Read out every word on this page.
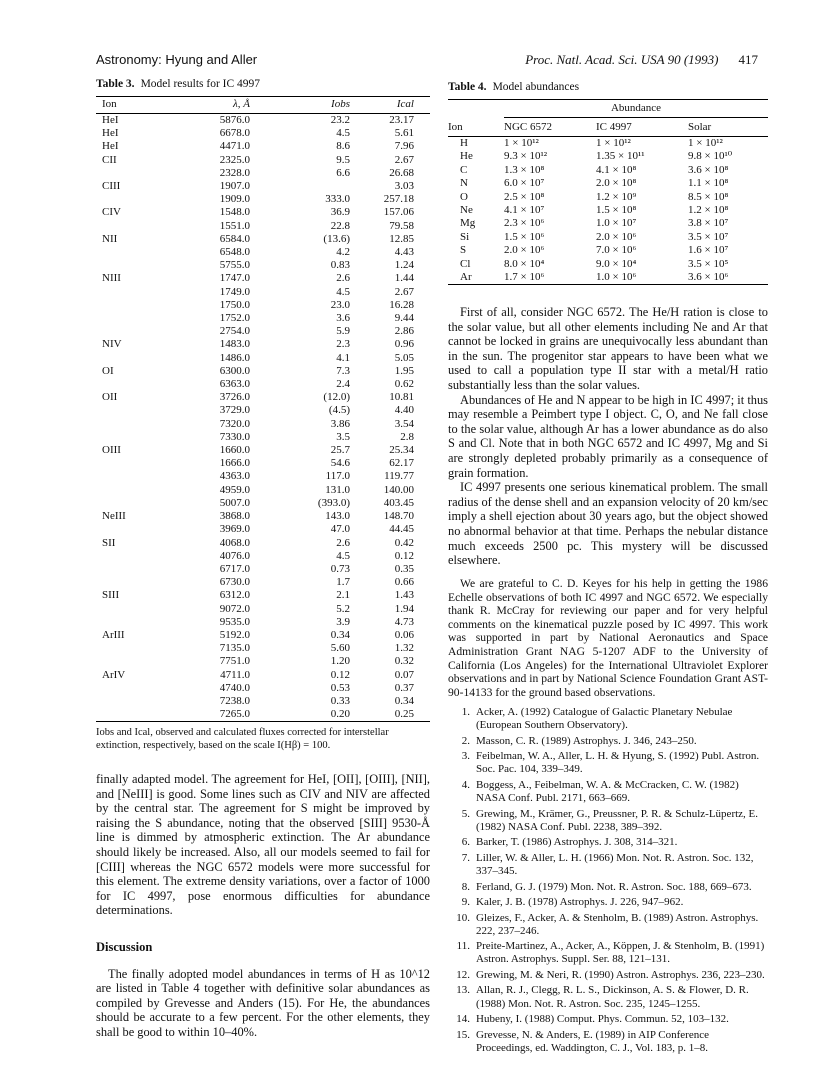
Astronomy: Hyung and Aller	Proc. Natl. Acad. Sci. USA 90 (1993) 417
Table 3. Model results for IC 4997
Ion	λ, Å	Iobs	Ical
HeI	5876.0	23.2	23.17
HeI	6678.0	4.5	5.61
HeI	4471.0	8.6	7.96
CII	2325.0	9.5	2.67
	2328.0	6.6	26.68
CIII	1907.0		3.03
	1909.0	333.0	257.18
CIV	1548.0	36.9	157.06
	1551.0	22.8	79.58
NII	6584.0	(13.6)	12.85
	6548.0	4.2	4.43
	5755.0	0.83	1.24
NIII	1747.0	2.6	1.44
	1749.0	4.5	2.67
	1750.0	23.0	16.28
	1752.0	3.6	9.44
	2754.0	5.9	2.86
NIV	1483.0	2.3	0.96
	1486.0	4.1	5.05
OI	6300.0	7.3	1.95
	6363.0	2.4	0.62
OII	3726.0	(12.0)	10.81
	3729.0	(4.5)	4.40
	7320.0	3.86	3.54
	7330.0	3.5	2.8
OIII	1660.0	25.7	25.34
	1666.0	54.6	62.17
	4363.0	117.0	119.77
	4959.0	131.0	140.00
	5007.0	(393.0)	403.45
NeIII	3868.0	143.0	148.70
	3969.0	47.0	44.45
SII	4068.0	2.6	0.42
	4076.0	4.5	0.12
	6717.0	0.73	0.35
	6730.0	1.7	0.66
SIII	6312.0	2.1	1.43
	9072.0	5.2	1.94
	9535.0	3.9	4.73
ArIII	5192.0	0.34	0.06
	7135.0	5.60	1.32
	7751.0	1.20	0.32
ArIV	4711.0	0.12	0.07
	4740.0	0.53	0.37
	7238.0	0.33	0.34
	7265.0	0.20	0.25
Iobs and Ical, observed and calculated fluxes corrected for interstellar extinction, respectively, based on the scale I(Hβ) = 100.

finally adapted model. The agreement for HeI, [OII], [OIII], [NII], and [NeIII] is good. Some lines such as CIV and NIV are affected by the central star. The agreement for S might be improved by raising the S abundance, noting that the observed [SIII] 9530-Å line is dimmed by atmospheric extinction. The Ar abundance should likely be increased. Also, all our models seemed to fail for [CIII] whereas the NGC 6572 models were more successful for this element. The extreme density variations, over a factor of 1000 for IC 4997, pose enormous difficulties for abundance determinations.

Discussion

The finally adopted model abundances in terms of H as 10^12 are listed in Table 4 together with definitive solar abundances as compiled by Grevesse and Anders (15). For He, the abundances should be accurate to a few percent. For the other elements, they shall be good to within 10–40%.

Table 4. Model abundances
	Abundance		
Ion	NGC 6572	IC 4997	Solar
H	1 × 10¹²	1 × 10¹²	1 × 10¹²
He	9.3 × 10¹²	1.35 × 10¹¹	9.8 × 10¹⁰
C	1.3 × 10⁸	4.1 × 10⁸	3.6 × 10⁸
N	6.0 × 10⁷	2.0 × 10⁸	1.1 × 10⁸
O	2.5 × 10⁸	1.2 × 10⁹	8.5 × 10⁸
Ne	4.1 × 10⁷	1.5 × 10⁸	1.2 × 10⁸
Mg	2.3 × 10⁶	1.0 × 10⁷	3.8 × 10⁷
Si	1.5 × 10⁶	2.0 × 10⁶	3.5 × 10⁷
S	2.0 × 10⁶	7.0 × 10⁶	1.6 × 10⁷
Cl	8.0 × 10⁴	9.0 × 10⁴	3.5 × 10⁵
Ar	1.7 × 10⁶	1.0 × 10⁶	3.6 × 10⁶

First of all, consider NGC 6572. The He/H ration is close to the solar value, but all other elements including Ne and Ar that cannot be locked in grains are unequivocally less abundant than in the sun. The progenitor star appears to have been what we used to call a population type II star with a metal/H ratio substantially less than the solar values.

Abundances of He and N appear to be high in IC 4997; it thus may resemble a Peimbert type I object. C, O, and Ne fall close to the solar value, although Ar has a lower abundance as do also S and Cl. Note that in both NGC 6572 and IC 4997, Mg and Si are strongly depleted probably primarily as a consequence of grain formation.

IC 4997 presents one serious kinematical problem. The small radius of the dense shell and an expansion velocity of 20 km/sec imply a shell ejection about 30 years ago, but the object showed no abnormal behavior at that time. Perhaps the nebular distance much exceeds 2500 pc. This mystery will be discussed elsewhere.

We are grateful to C. D. Keyes for his help in getting the 1986 Echelle observations of both IC 4997 and NGC 6572. We especially thank R. McCray for reviewing our paper and for very helpful comments on the kinematical puzzle posed by IC 4997. This work was supported in part by National Aeronautics and Space Administration Grant NAG 5-1207 ADF to the University of California (Los Angeles) for the International Ultraviolet Explorer observations and in part by National Science Foundation Grant AST-90-14133 for the ground based observations.

1. Acker, A. (1992) Catalogue of Galactic Planetary Nebulae (European Southern Observatory).
2. Masson, C. R. (1989) Astrophys. J. 346, 243–250.
3. Feibelman, W. A., Aller, L. H. & Hyung, S. (1992) Publ. Astron. Soc. Pac. 104, 339–349.
4. Boggess, A., Feibelman, W. A. & McCracken, C. W. (1982) NASA Conf. Publ. 2171, 663–669.
5. Grewing, M., Krämer, G., Preussner, P. R. & Schulz-Lüpertz, E. (1982) NASA Conf. Publ. 2238, 389–392.
6. Barker, T. (1986) Astrophys. J. 308, 314–321.
7. Liller, W. & Aller, L. H. (1966) Mon. Not. R. Astron. Soc. 132, 337–345.
8. Ferland, G. J. (1979) Mon. Not. R. Astron. Soc. 188, 669–673.
9. Kaler, J. B. (1978) Astrophys. J. 226, 947–962.
10. Gleizes, F., Acker, A. & Stenholm, B. (1989) Astron. Astrophys. 222, 237–246.
11. Preite-Martinez, A., Acker, A., Köppen, J. & Stenholm, B. (1991) Astron. Astrophys. Suppl. Ser. 88, 121–131.
12. Grewing, M. & Neri, R. (1990) Astron. Astrophys. 236, 223–230.
13. Allan, R. J., Clegg, R. L. S., Dickinson, A. S. & Flower, D. R. (1988) Mon. Not. R. Astron. Soc. 235, 1245–1255.
14. Hubeny, I. (1988) Comput. Phys. Commun. 52, 103–132.
15. Grevesse, N. & Anders, E. (1989) in AIP Conference Proceedings, ed. Waddington, C. J., Vol. 183, p. 1–8.
